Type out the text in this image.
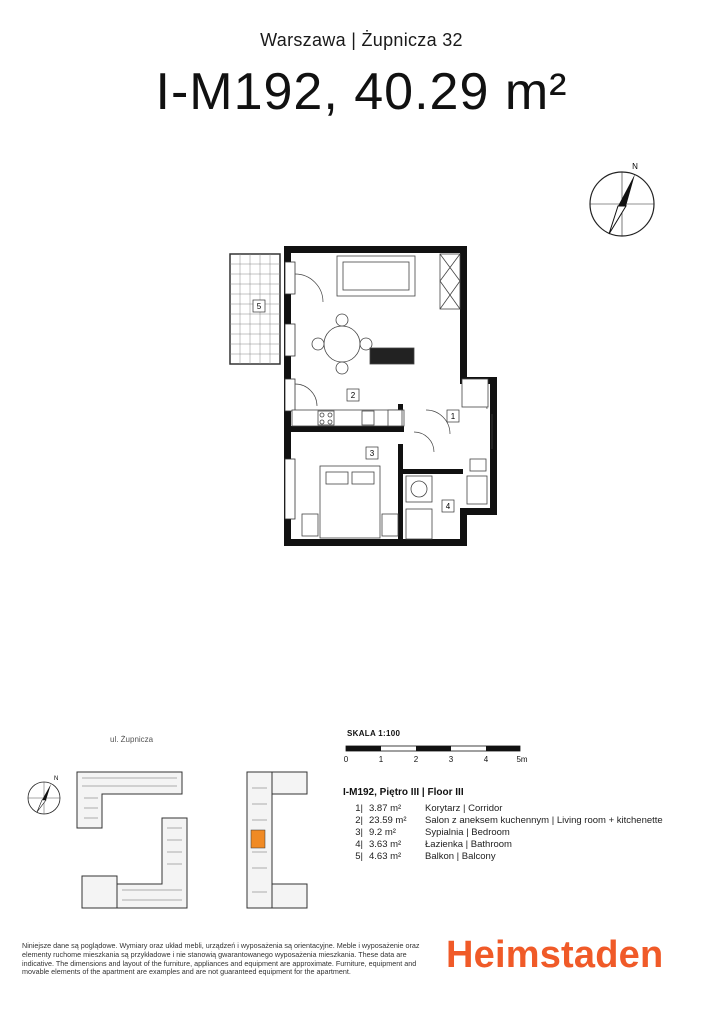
Warszawa | Żupnicza 32
I-M192, 40.29 m²
N
5
2
1
3
4
ul. Żupnicza
N
SKALA 1:100
0	1	2	3	4	5m
I-M192, Piętro III | Floor III
1| 3.87 m²	Korytarz | Corridor
2| 23.59 m² Salon z aneksem kuchennym | Living room + kitchenette
3| 9.2 m²	Sypialnia | Bedroom
4| 3.63 m²	Łazienka | Bathroom
5| 4.63 m²	Balkon | Balcony
Niniejsze dane są poglądowe. Wymiary oraz układ mebli, urządzeń i wyposażenia są orientacyjne. Meble i wyposażenie oraz elementy ruchome mieszkania są przykładowe i nie stanowią gwarantowanego wyposażenia mieszkania. These data are indicative. The dimensions and layout of the furniture, appliances and equipment are approximate. Furniture, equipment and movable elements of the apartment are examples and are not guaranteed equipment for the apartment.	Heimstaden
